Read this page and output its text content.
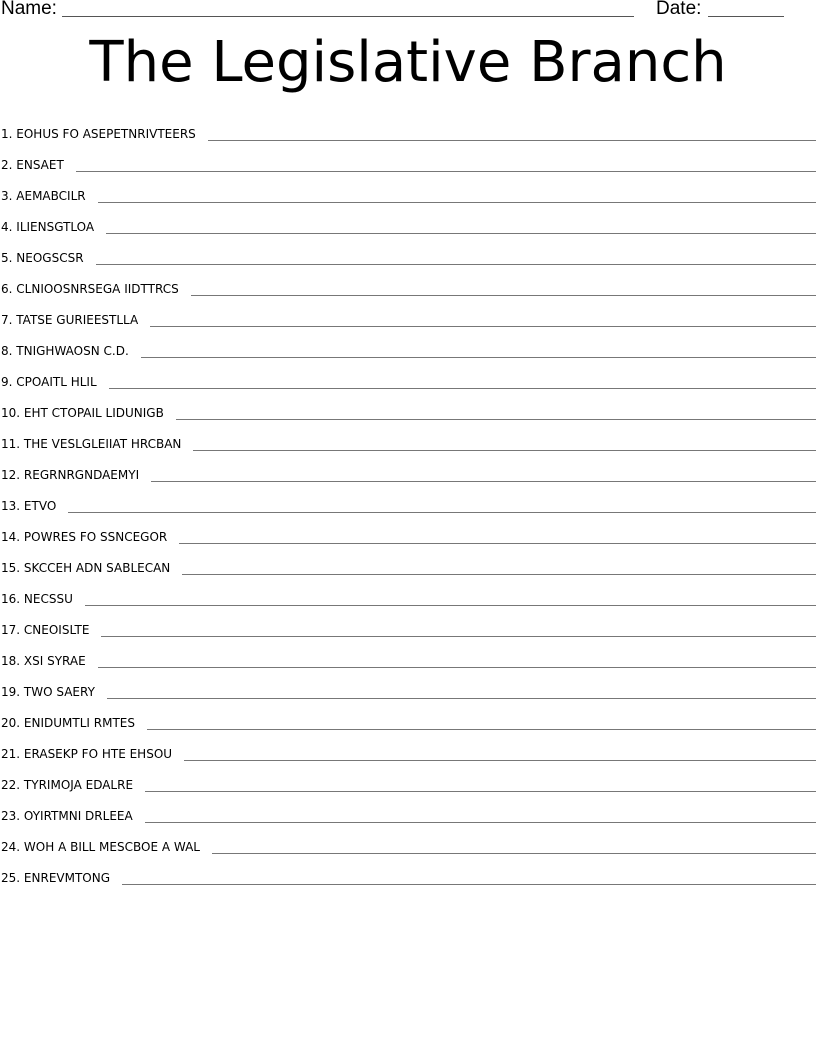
Name:	Date:
The Legislative Branch
1. EOHUS FO ASEPETNRIVTEERS
2. ENSAET
3. AEMABCILR
4. ILIENSGTLOA
5. NEOGSCSR
6. CLNIOOSNRSEGA IIDTTRCS
7. TATSE GURIEESTLLA
8. TNIGHWAOSN C.D.
9. CPOAITL HLIL
10. EHT CTOPAIL LIDUNIGB
11. THE VESLGLEIIAT HRCBAN
12. REGRNRGNDAEMYI
13. ETVO
14. POWRES FO SSNCEGOR
15. SKCCEH ADN SABLECAN
16. NECSSU
17. CNEOISLTE
18. XSI SYRAE
19. TWO SAERY
20. ENIDUMTLI RMTES
21. ERASEKP FO HTE EHSOU
22. TYRIMOJA EDALRE
23. OYIRTMNI DRLEEA
24. WOH A BILL MESCBOE A WAL
25. ENREVMTONG
